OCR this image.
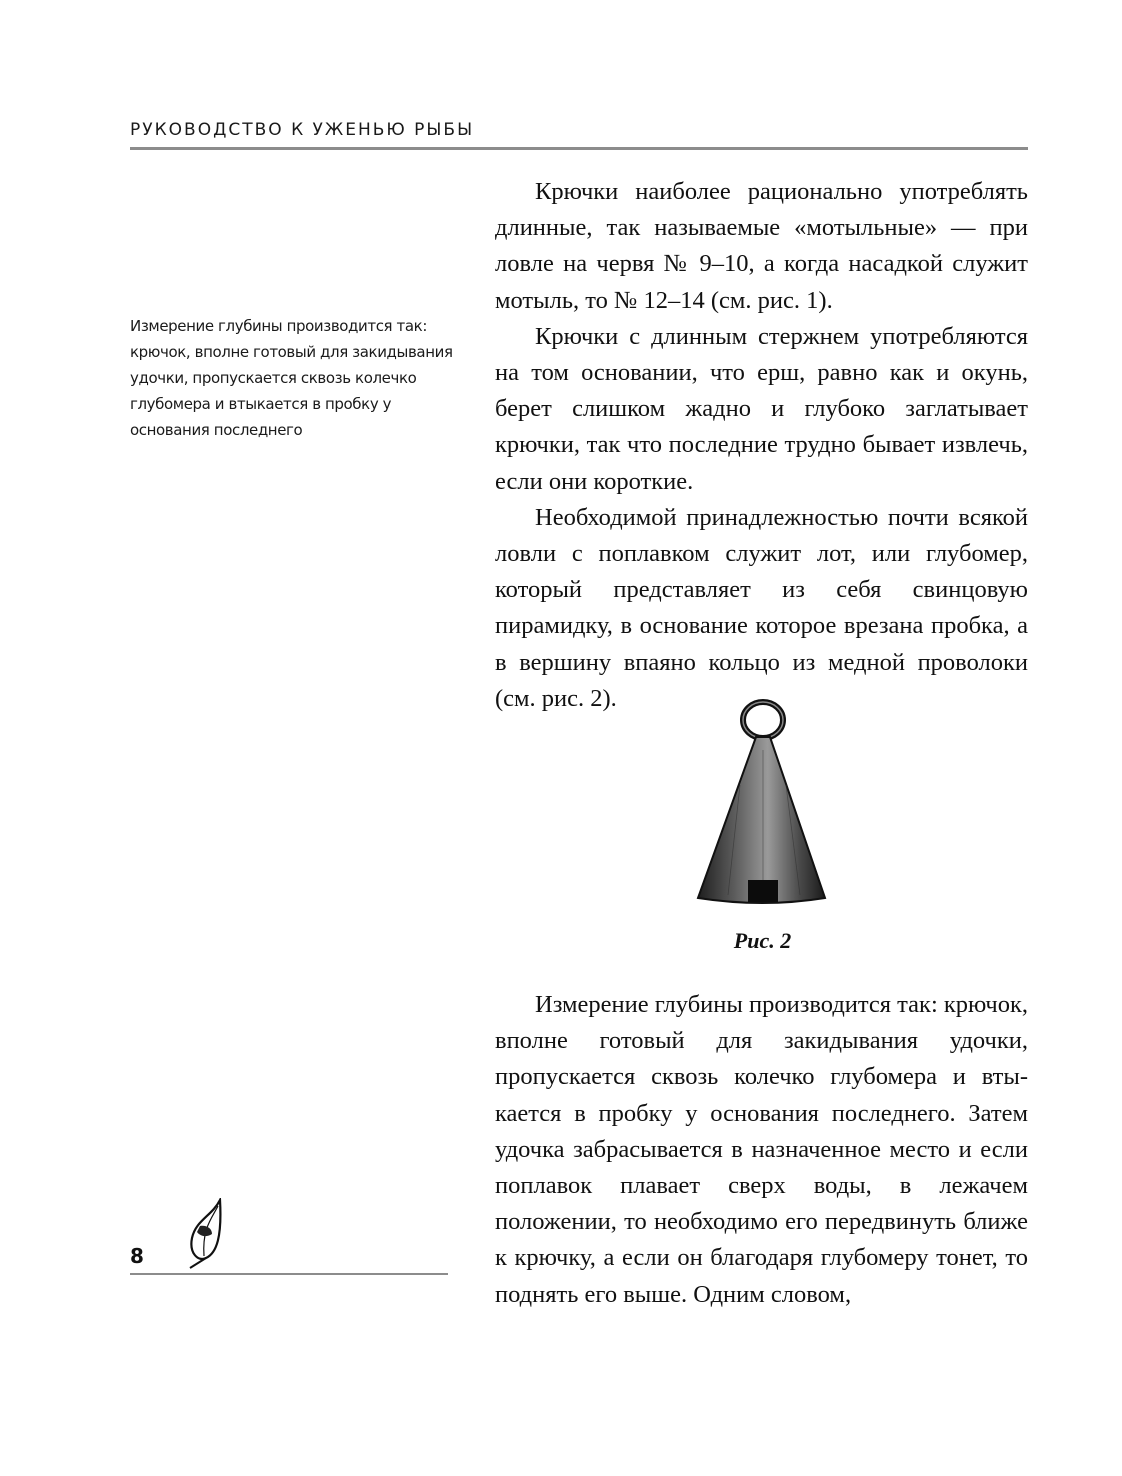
РУКОВОДСТВО К УЖЕНЬЮ РЫБЫ
Измерение глубины производится так: крючок, вполне готовый для закидывания удочки, пропускается сквозь колечко глубомера и втыкается в пробку у основания последнего

Крючки наиболее рационально употреблять длинные, так называемые «мотыльные» — при ловле на червя № 9–10, а когда насадкой служит мотыль, то № 12–14 (см. рис. 1).

Крючки с длинным стержнем употребляются на том основании, что ерш, равно как и окунь, берет слишком жадно и глубоко заглатывает крючки, так что последние трудно бывает извлечь, если они короткие.

Необходимой принадлежностью почти всякой ловли с поплавком служит лот, или глубомер, который представляет из себя свинцовую пирамидку, в основание которое врезана пробка, а в вершину впаяно кольцо из медной проволоки (см. рис. 2).

Рис. 2

Измерение глубины производится так: крючок, вполне готовый для закидывания удочки, пропускается сквозь колечко глубомера и втыкается в пробку у основания последнего. Затем удочка забрасывается в назначенное место и если поплавок плавает сверх воды, в лежачем положении, то необходимо его передвинуть ближе к крючку, а если он благодаря глубомеру тонет, то поднять его выше. Одним словом,

8
